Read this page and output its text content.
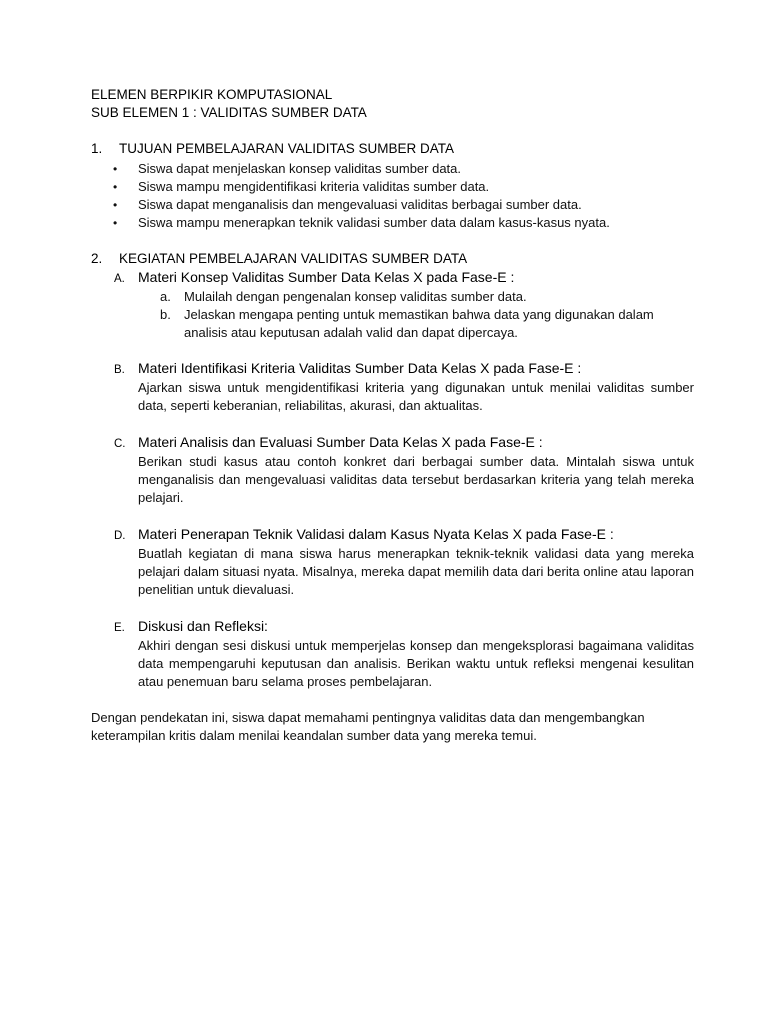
ELEMEN BERPIKIR KOMPUTASIONAL
SUB ELEMEN 1 : VALIDITAS SUMBER DATA
1.	TUJUAN PEMBELAJARAN VALIDITAS SUMBER DATA
•	Siswa dapat menjelaskan konsep validitas sumber data.
•	Siswa mampu mengidentifikasi kriteria validitas sumber data.
•	Siswa dapat menganalisis dan mengevaluasi validitas berbagai sumber data.
•	Siswa mampu menerapkan teknik validasi sumber data dalam kasus-kasus nyata.
2.	KEGIATAN PEMBELAJARAN VALIDITAS SUMBER DATA
A. Materi Konsep Validitas Sumber Data Kelas X pada Fase-E :
a.	Mulailah dengan pengenalan konsep validitas sumber data.
b.	Jelaskan mengapa penting untuk memastikan bahwa data yang digunakan dalam analisis atau keputusan adalah valid dan dapat dipercaya.
B. Materi Identifikasi Kriteria Validitas Sumber Data Kelas X pada Fase-E :
Ajarkan siswa untuk mengidentifikasi kriteria yang digunakan untuk menilai validitas sumber data, seperti keberanian, reliabilitas, akurasi, dan aktualitas.
C. Materi Analisis dan Evaluasi Sumber Data Kelas X pada Fase-E :
Berikan studi kasus atau contoh konkret dari berbagai sumber data. Mintalah siswa untuk menganalisis dan mengevaluasi validitas data tersebut berdasarkan kriteria yang telah mereka pelajari.
D. Materi Penerapan Teknik Validasi dalam Kasus Nyata Kelas X pada Fase-E :
Buatlah kegiatan di mana siswa harus menerapkan teknik-teknik validasi data yang mereka pelajari dalam situasi nyata. Misalnya, mereka dapat memilih data dari berita online atau laporan penelitian untuk dievaluasi.
E. Diskusi dan Refleksi:
Akhiri dengan sesi diskusi untuk memperjelas konsep dan mengeksplorasi bagaimana validitas data mempengaruhi keputusan dan analisis. Berikan waktu untuk refleksi mengenai kesulitan atau penemuan baru selama proses pembelajaran.
Dengan pendekatan ini, siswa dapat memahami pentingnya validitas data dan mengembangkan keterampilan kritis dalam menilai keandalan sumber data yang mereka temui.
